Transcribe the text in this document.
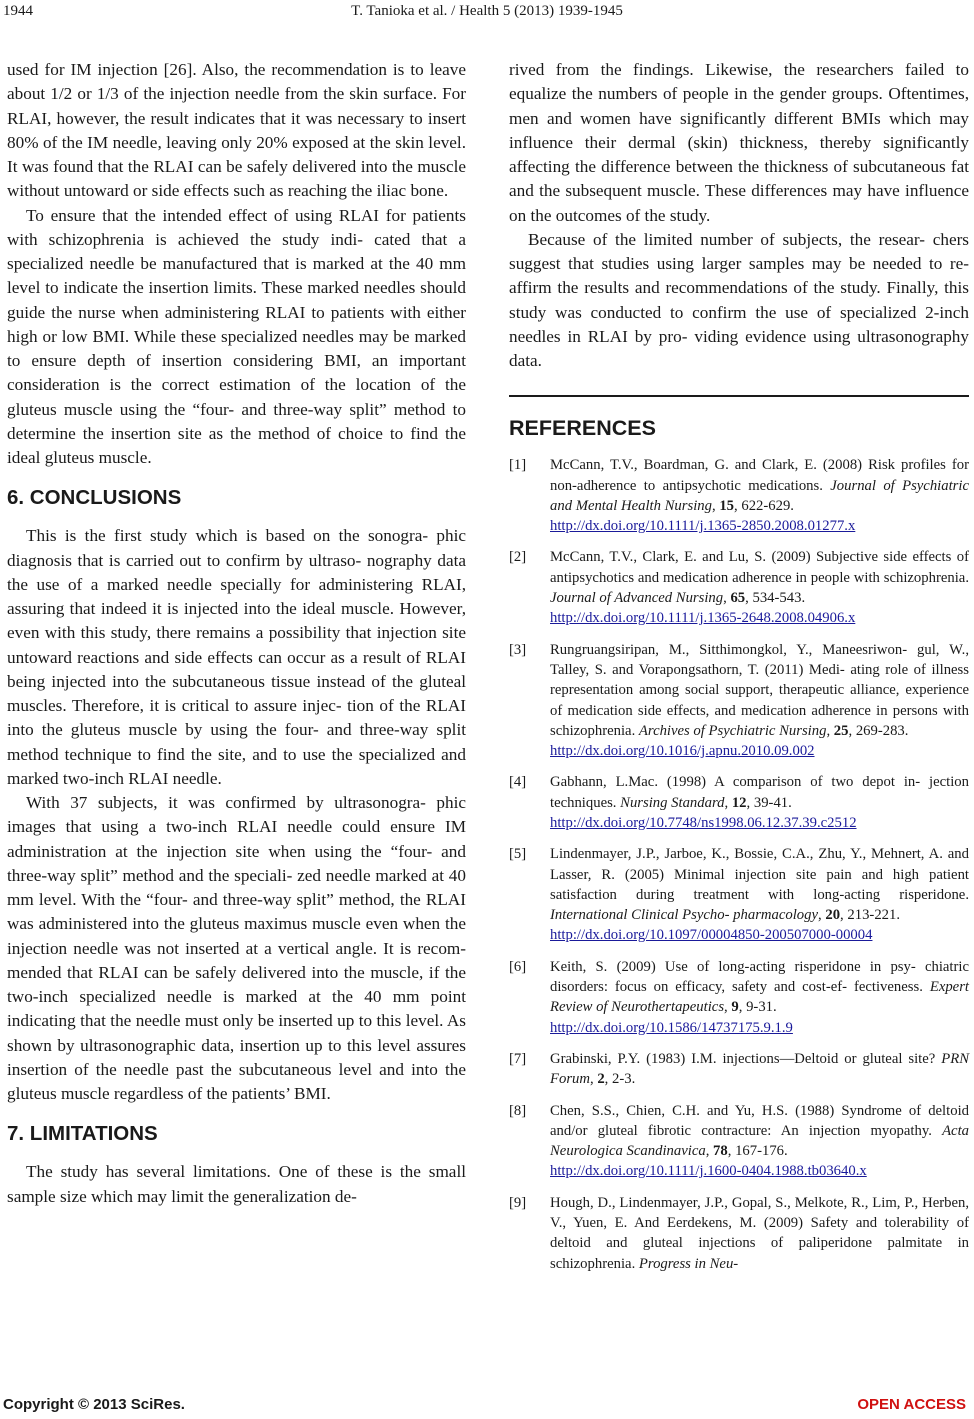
1944	T. Tanioka et al. / Health 5 (2013) 1939-1945

used for IM injection [26]. Also, the recommendation is to leave about 1/2 or 1/3 of the injection needle from the skin surface. For RLAI, however, the result indicates that it was necessary to insert 80% of the IM needle, leaving only 20% exposed at the skin level. It was found that the RLAI can be safely delivered into the muscle without untoward or side effects such as reaching the iliac bone.

To ensure that the intended effect of using RLAI for patients with schizophrenia is achieved the study indi- cated that a specialized needle be manufactured that is marked at the 40 mm level to indicate the insertion limits. These marked needles should guide the nurse when administering RLAI to patients with either high or low BMI. While these specialized needles may be marked to ensure depth of insertion considering BMI, an important consideration is the correct estimation of the location of the gluteus muscle using the “four- and three-way split” method to determine the insertion site as the method of choice to find the ideal gluteus muscle.

6. CONCLUSIONS

This is the first study which is based on the sonogra- phic diagnosis that is carried out to confirm by ultraso- nography data the use of a marked needle specially for administering RLAI, assuring that indeed it is injected into the ideal muscle. However, even with this study, there remains a possibility that injection site untoward reactions and side effects can occur as a result of RLAI being injected into the subcutaneous tissue instead of the gluteal muscles. Therefore, it is critical to assure injec- tion of the RLAI into the gluteus muscle by using the four- and three-way split method technique to find the site, and to use the specialized and marked two-inch RLAI needle.

With 37 subjects, it was confirmed by ultrasonogra- phic images that using a two-inch RLAI needle could ensure IM administration at the injection site when using the “four- and three-way split” method and the speciali- zed needle marked at 40 mm level. With the “four- and three-way split” method, the RLAI was administered into the gluteus maximus muscle even when the injection needle was not inserted at a vertical angle. It is recom- mended that RLAI can be safely delivered into the muscle, if the two-inch specialized needle is marked at the 40 mm point indicating that the needle must only be inserted up to this level. As shown by ultrasonographic data, insertion up to this level assures insertion of the needle past the subcutaneous level and into the gluteus muscle regardless of the patients’ BMI.

7. LIMITATIONS

The study has several limitations. One of these is the small sample size which may limit the generalization de-

rived from the findings. Likewise, the researchers failed to equalize the numbers of people in the gender groups. Oftentimes, men and women have significantly different BMIs which may influence their dermal (skin) thickness, thereby significantly affecting the difference between the thickness of subcutaneous fat and the subsequent muscle. These differences may have influence on the outcomes of the study.

Because of the limited number of subjects, the resear- chers suggest that studies using larger samples may be needed to re-affirm the results and recommendations of the study. Finally, this study was conducted to confirm the use of specialized 2-inch needles in RLAI by pro- viding evidence using ultrasonography data.

REFERENCES
[1] McCann, T.V., Boardman, G. and Clark, E. (2008) Risk profiles for non-adherence to antipsychotic medications. Journal of Psychiatric and Mental Health Nursing, 15, 622-629.
http://dx.doi.org/10.1111/j.1365-2850.2008.01277.x
[2] McCann, T.V., Clark, E. and Lu, S. (2009) Subjective side effects of antipsychotics and medication adherence in people with schizophrenia. Journal of Advanced Nursing, 65, 534-543.
http://dx.doi.org/10.1111/j.1365-2648.2008.04906.x
[3] Rungruangsiripan, M., Sitthimongkol, Y., Maneesriwon- gul, W., Talley, S. and Vorapongsathorn, T. (2011) Medi- ating role of illness representation among social support, therapeutic alliance, experience of medication side effects, and medication adherence in persons with schizophrenia. Archives of Psychiatric Nursing, 25, 269-283.
http://dx.doi.org/10.1016/j.apnu.2010.09.002
[4] Gabhann, L.Mac. (1998) A comparison of two depot in- jection techniques. Nursing Standard, 12, 39-41.
http://dx.doi.org/10.7748/ns1998.06.12.37.39.c2512
[5] Lindenmayer, J.P., Jarboe, K., Bossie, C.A., Zhu, Y., Mehnert, A. and Lasser, R. (2005) Minimal injection site pain and high patient satisfaction during treatment with long-acting risperidone. International Clinical Psycho- pharmacology, 20, 213-221.
http://dx.doi.org/10.1097/00004850-200507000-00004
[6] Keith, S. (2009) Use of long-acting risperidone in psy- chiatric disorders: focus on efficacy, safety and cost-ef- fectiveness. Expert Review of Neurothertapeutics, 9, 9-31.
http://dx.doi.org/10.1586/14737175.9.1.9
[7] Grabinski, P.Y. (1983) I.M. injections—Deltoid or gluteal site? PRN Forum, 2, 2-3.
[8] Chen, S.S., Chien, C.H. and Yu, H.S. (1988) Syndrome of deltoid and/or gluteal fibrotic contracture: An injection myopathy. Acta Neurologica Scandinavica, 78, 167-176.
http://dx.doi.org/10.1111/j.1600-0404.1988.tb03640.x
[9] Hough, D., Lindenmayer, J.P., Gopal, S., Melkote, R., Lim, P., Herben, V., Yuen, E. And Eerdekens, M. (2009) Safety and tolerability of deltoid and gluteal injections of paliperidone palmitate in schizophrenia. Progress in Neu-
Copyright © 2013 SciRes.	OPEN ACCESS
